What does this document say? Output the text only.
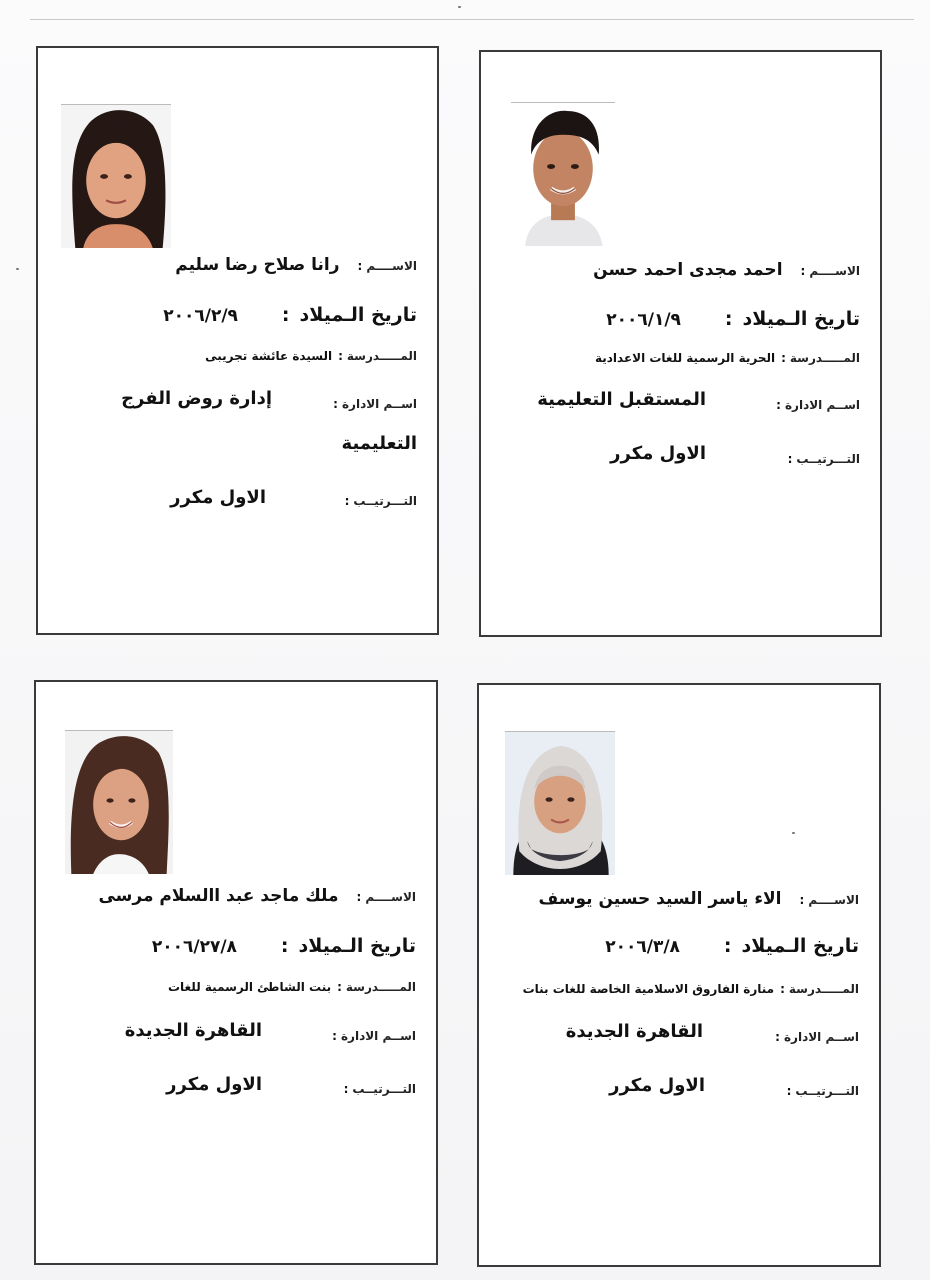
الاســــم
:
احمد مجدى احمد حسن
تاريخ الـميلاد
:
٢٠٠٦/١/٩
المـــــدرسة
:
الحرية الرسمية للغات الاعدادية
اســم الادارة
:
المستقبل التعليمية
التـــرتيــب
:
الاول مكرر
الاســــم
:
رانا صلاح رضا سليم
تاريخ الـميلاد
:
٢٠٠٦/٢/٩
المـــــدرسة
:
السيدة عائشة تجريبى
اســم الادارة
:
إدارة روض الفرج
التعليمية
التـــرتيــب
:
الاول مكرر
الاســــم
:
الاء ياسر السيد حسين يوسف
تاريخ الـميلاد
:
٢٠٠٦/٣/٨
المـــــدرسة
:
منارة الفاروق الاسلامية الخاصة للغات بنات
اســم الادارة
:
القاهرة الجديدة
التـــرتيــب
:
الاول مكرر
الاســــم
:
ملك ماجد عبد االسلام مرسى
تاريخ الـميلاد
:
٢٠٠٦/٢٧/٨
المـــــدرسة
:
بنت الشاطئ الرسمية للغات
اســم الادارة
:
القاهرة الجديدة
التـــرتيــب
:
الاول مكرر
